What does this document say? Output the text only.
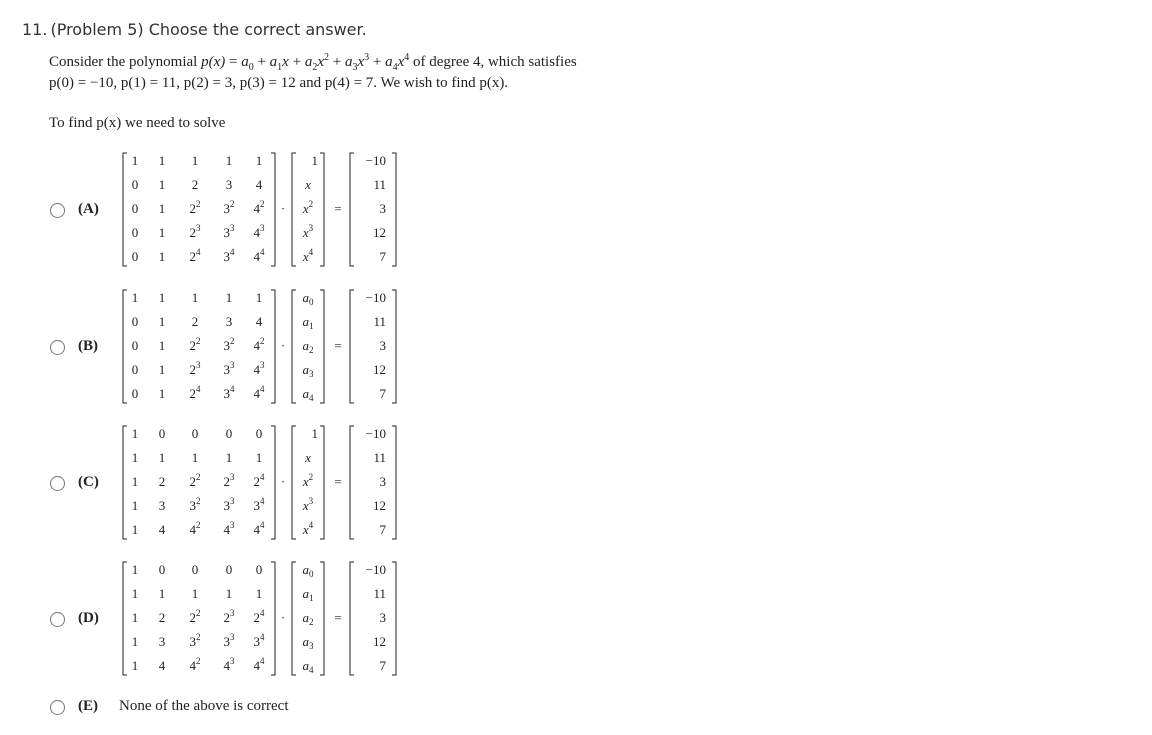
11. (Problem 5) Choose the correct answer.
Consider the polynomial $p(x) = a_0 + a_1x + a_2x^2 + a_3x^3 + a_4x^4$ of degree 4, which satisfies
p(0) = −10, p(1) = 11, p(2) = 3, p(3) = 12 and p(4) = 7. We wish to find p(x).
To find p(x) we need to solve
(A)
1 1 1 1 1
0 1 2 3 4
0 1 $2^2$ $3^2$ $4^2$
0 1 $2^3$ $3^3$ $4^3$
0 1 $2^4$ $3^4$ $4^4$
·
1
x
$x^2$
$x^3$
$x^4$
=
−10
11
3
12
7
(B)
1 1 1 1 1
0 1 2 3 4
0 1 $2^2$ $3^2$ $4^2$
0 1 $2^3$ $3^3$ $4^3$
0 1 $2^4$ $3^4$ $4^4$
·
$a_0$
$a_1$
$a_2$
$a_3$
$a_4$
=
−10
11
3
12
7
(C)
1 0 0 0 0
1 1 1 1 1
1 2 $2^2$ $2^3$ $2^4$
1 3 $3^2$ $3^3$ $3^4$
1 4 $4^2$ $4^3$ $4^4$
·
1
x
$x^2$
$x^3$
$x^4$
=
−10
11
3
12
7
(D)
1 0 0 0 0
1 1 1 1 1
1 2 $2^2$ $2^3$ $2^4$
1 3 $3^2$ $3^3$ $3^4$
1 4 $4^2$ $4^3$ $4^4$
·
$a_0$
$a_1$
$a_2$
$a_3$
$a_4$
=
−10
11
3
12
7
(E) None of the above is correct
